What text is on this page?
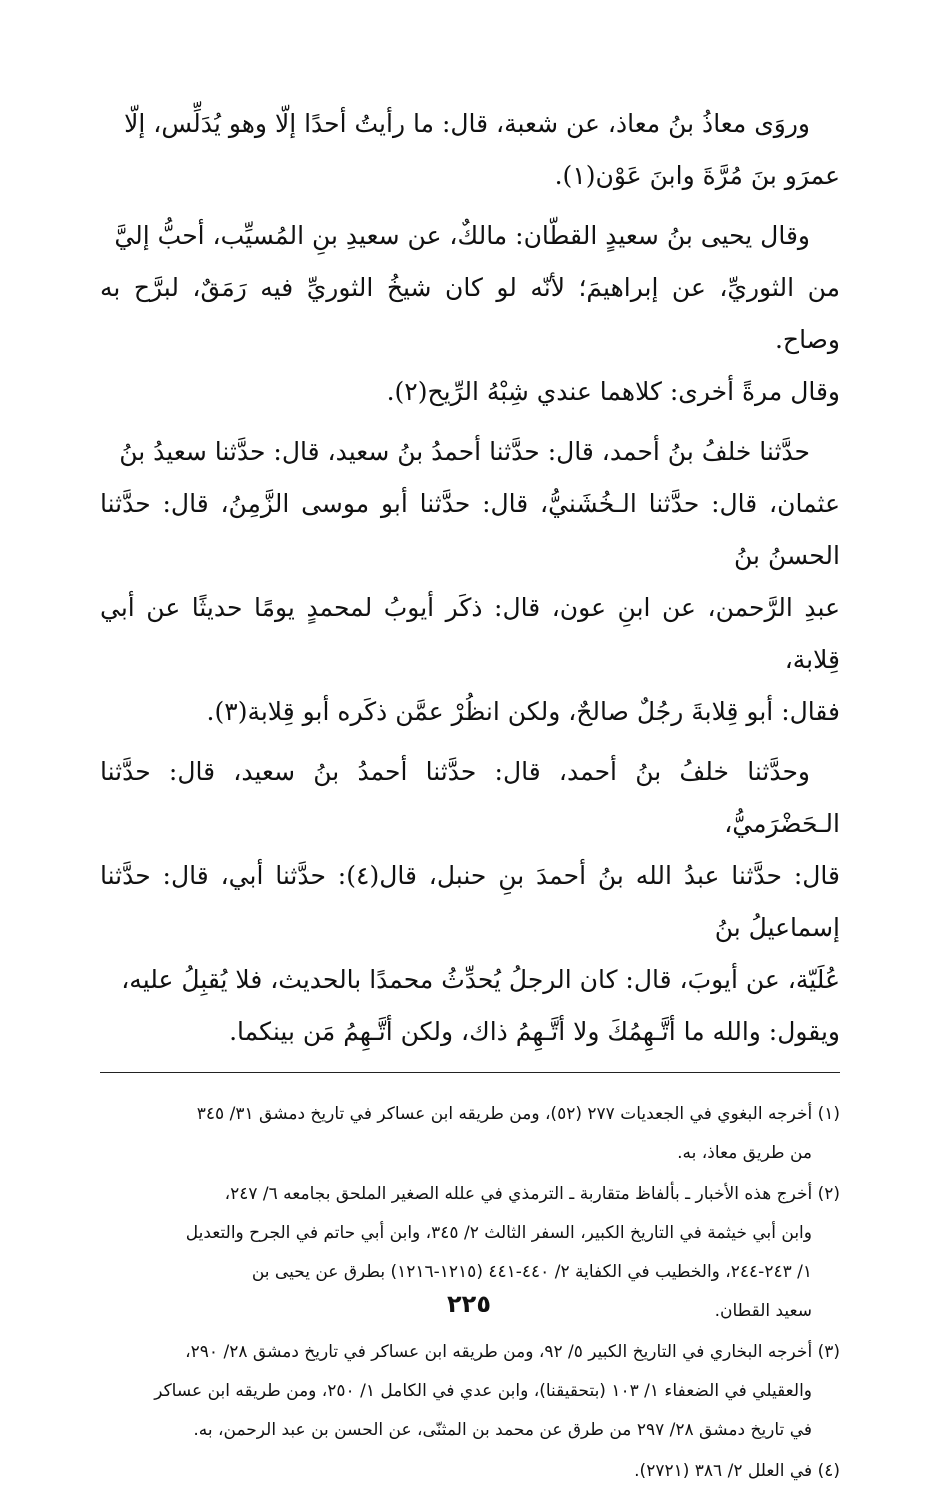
وروَى معاذُ بنُ معاذ، عن شعبة، قال: ما رأيتُ أحدًا إلّا وهو يُدَلِّس، إلّا
عمرَو بنَ مُرَّةَ وابنَ عَوْن(١).

وقال يحيى بنُ سعيدٍ القطّان: مالكٌ، عن سعيدِ بنِ المُسيِّب، أحبُّ إليَّ
من الثوريِّ، عن إبراهيمَ؛ لأنّه لو كان شيخُ الثوريِّ فيه رَمَقٌ، لبرَّح به وصاح.
وقال مرةً أخرى: كلاهما عندي شِبْهُ الرِّيح(٢).

حدَّثنا خلفُ بنُ أحمد، قال: حدَّثنا أحمدُ بنُ سعيد، قال: حدَّثنا سعيدُ بنُ
عثمان، قال: حدَّثنا الـخُشَنيُّ، قال: حدَّثنا أبو موسى الزَّمِنُ، قال: حدَّثنا الحسنُ بنُ
عبدِ الرَّحمن، عن ابنِ عون، قال: ذكَر أيوبُ لمحمدٍ يومًا حديثًا عن أبي قِلابة،
فقال: أبو قِلابةَ رجُلٌ صالحٌ، ولكن انظُرْ عمَّن ذكَره أبو قِلابة(٣).

وحدَّثنا خلفُ بنُ أحمد، قال: حدَّثنا أحمدُ بنُ سعيد، قال: حدَّثنا الـحَضْرَميُّ،
قال: حدَّثنا عبدُ الله بنُ أحمدَ بنِ حنبل، قال(٤): حدَّثنا أبي، قال: حدَّثنا إسماعيلُ بنُ
عُلَيّة، عن أيوبَ، قال: كان الرجلُ يُحدِّثُ محمدًا بالحديث، فلا يُقبِلُ عليه،
ويقول: والله ما أتَّـهِمُكَ ولا أتَّـهِمُ ذاك، ولكن أتَّـهِمُ مَن بينكما.

(١) أخرجه البغوي في الجعديات ٢٧٧ (٥٢)، ومن طريقه ابن عساكر في تاريخ دمشق ٣١/ ٣٤٥
من طريق معاذ، به.

(٢) أخرج هذه الأخبار ـ بألفاظ متقاربة ـ الترمذي في علله الصغير الملحق بجامعه ٦/ ٢٤٧،
وابن أبي خيثمة في التاريخ الكبير، السفر الثالث ٢/ ٣٤٥، وابن أبي حاتم في الجرح والتعديل
١/ ٢٤٣-٢٤٤، والخطيب في الكفاية ٢/ ٤٤٠-٤٤١ (١٢١٥-١٢١٦) بطرق عن يحيى بن
سعيد القطان.

(٣) أخرجه البخاري في التاريخ الكبير ٥/ ٩٢، ومن طريقه ابن عساكر في تاريخ دمشق ٢٨/ ٢٩٠،
والعقيلي في الضعفاء ١/ ١٠٣ (بتحقيقنا)، وابن عدي في الكامل ١/ ٢٥٠، ومن طريقه ابن عساكر
في تاريخ دمشق ٢٨/ ٢٩٧ من طرق عن محمد بن المثنّى، عن الحسن بن عبد الرحمن، به.

(٤) في العلل ٢/ ٣٨٦ (٢٧٢١).

٢٢٥
